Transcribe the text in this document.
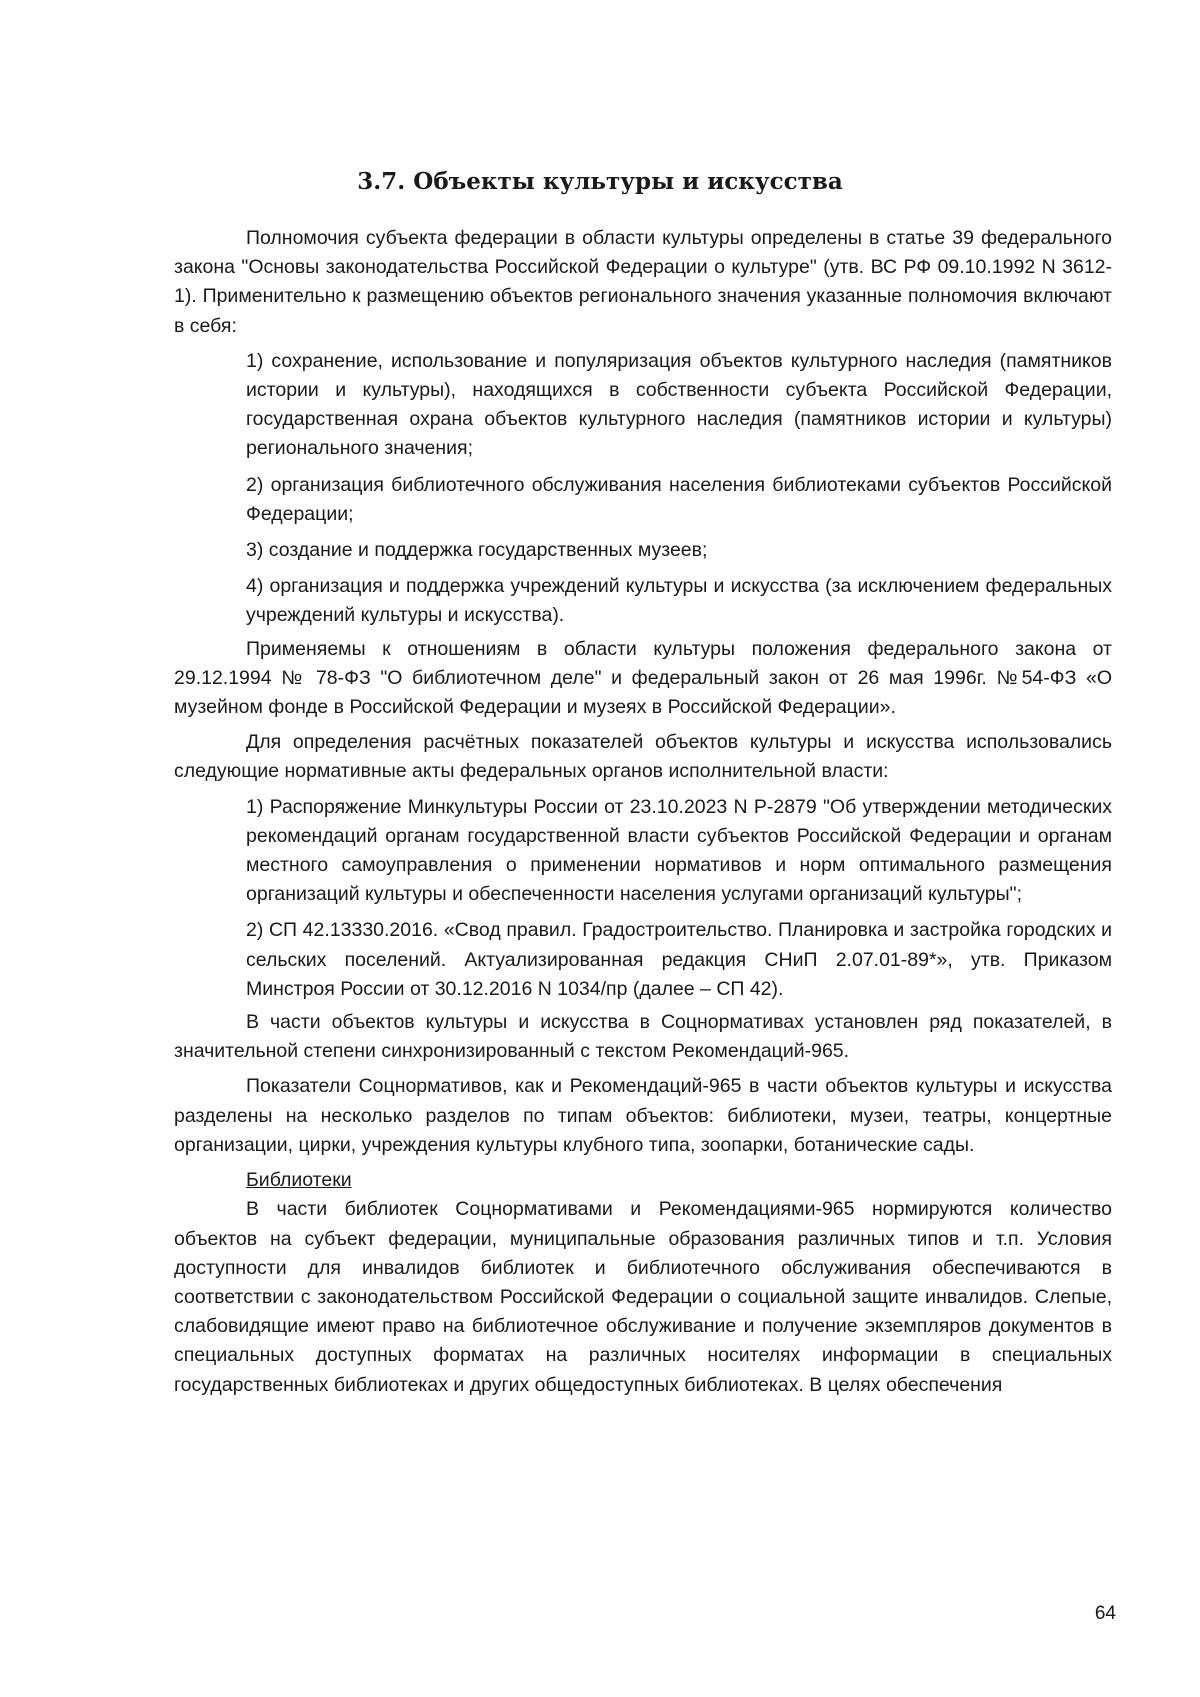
3.7. Объекты культуры и искусства

Полномочия субъекта федерации в области культуры определены в статье 39 федерального закона "Основы законодательства Российской Федерации о культуре" (утв. ВС РФ 09.10.1992 N 3612-1). Применительно к размещению объектов регионального значения указанные полномочия включают в себя:

1) сохранение, использование и популяризация объектов культурного наследия (памятников истории и культуры), находящихся в собственности субъекта Российской Федерации, государственная охрана объектов культурного наследия (памятников истории и культуры) регионального значения;

2) организация библиотечного обслуживания населения библиотеками субъектов Российской Федерации;

3) создание и поддержка государственных музеев;

4) организация и поддержка учреждений культуры и искусства (за исключением федеральных учреждений культуры и искусства).

Применяемы к отношениям в области культуры положения федерального закона от 29.12.1994 № 78-ФЗ "О библиотечном деле" и федеральный закон от 26 мая 1996г. №54-ФЗ «О музейном фонде в Российской Федерации и музеях в Российской Федерации».

Для определения расчётных показателей объектов культуры и искусства использовались следующие нормативные акты федеральных органов исполнительной власти:

1) Распоряжение Минкультуры России от 23.10.2023 N Р-2879 "Об утверждении методических рекомендаций органам государственной власти субъектов Российской Федерации и органам местного самоуправления о применении нормативов и норм оптимального размещения организаций культуры и обеспеченности населения услугами организаций культуры";

2) СП 42.13330.2016. «Свод правил. Градостроительство. Планировка и застройка городских и сельских поселений. Актуализированная редакция СНиП 2.07.01-89*», утв. Приказом Минстроя России от 30.12.2016 N 1034/пр (далее – СП 42).

В части объектов культуры и искусства в Соцнормативах установлен ряд показателей, в значительной степени синхронизированный с текстом Рекомендаций-965.

Показатели Соцнормативов, как и Рекомендаций-965 в части объектов культуры и искусства разделены на несколько разделов по типам объектов: библиотеки, музеи, театры, концертные организации, цирки, учреждения культуры клубного типа, зоопарки, ботанические сады.

Библиотеки

В части библиотек Соцнормативами и Рекомендациями-965 нормируются количество объектов на субъект федерации, муниципальные образования различных типов и т.п. Условия доступности для инвалидов библиотек и библиотечного обслуживания обеспечиваются в соответствии с законодательством Российской Федерации о социальной защите инвалидов. Слепые, слабовидящие имеют право на библиотечное обслуживание и получение экземпляров документов в специальных доступных форматах на различных носителях информации в специальных государственных библиотеках и других общедоступных библиотеках. В целях обеспечения

64
